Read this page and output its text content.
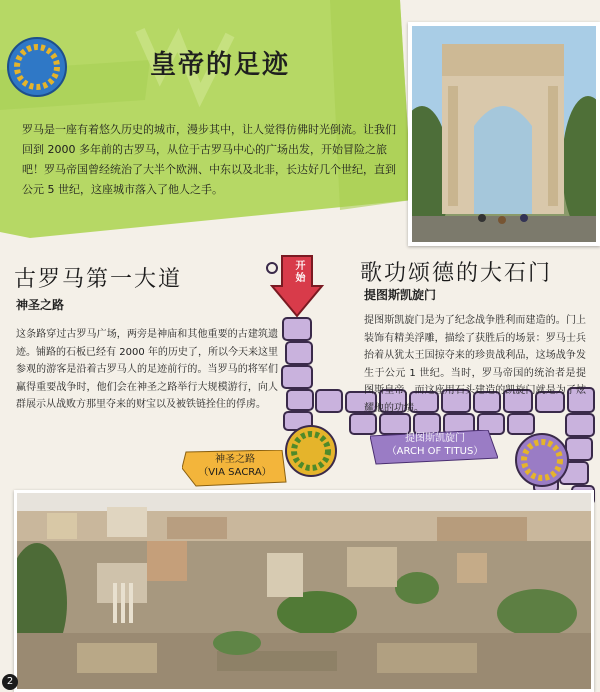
皇帝的足迹
罗马是一座有着悠久历史的城市，漫步其中，让人觉得仿佛时光倒流。让我们回到 2000 多年前的古罗马，从位于古罗马中心的广场出发，开始冒险之旅吧！罗马帝国曾经统治了大半个欧洲、中东以及北非，长达好几个世纪，直到公元 5 世纪，这座城市落入了他人之手。
开始
古罗马第一大道
神圣之路
这条路穿过古罗马广场，两旁是神庙和其他重要的古建筑遗迹。铺路的石板已经有 2000 年的历史了，所以今天来这里参观的游客是沿着古罗马人的足迹前行的。当罗马的将军们赢得重要战争时，他们会在神圣之路举行大规模游行，向人群展示从战败方那里夺来的财宝以及被铁链拴住的俘虏。
歌功颂德的大石门
提图斯凯旋门
提图斯凯旋门是为了纪念战争胜利而建造的。门上装饰有精美浮雕，描绘了获胜后的场景：罗马士兵抬着从犹太王国掠夺来的珍贵战利品，这场战争发生于公元 1 世纪。当时，罗马帝国的统治者是提图斯皇帝，而这座用石头建造的凯旋门就是为了炫耀他的功绩。
神圣之路
（VIA SACRA）
提图斯凯旋门
（ARCH OF TITUS）
2
